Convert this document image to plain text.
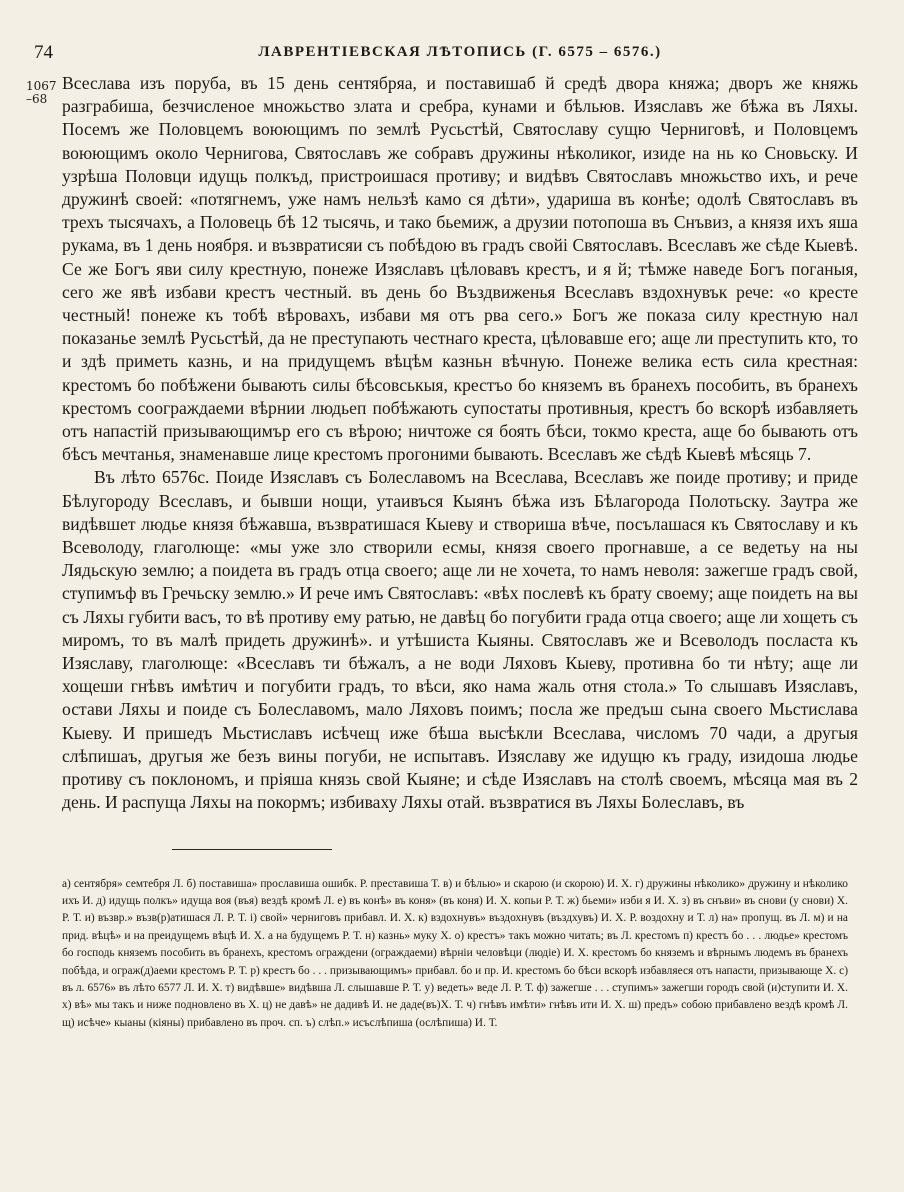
74	ЛАВРЕНТІЕВСКАЯ ЛѢТОПИСЬ (Г. 6575 – 6576.)
1067
–68

Всеслава изъ поруба, въ 15 день сентябряа, и поставишаб й средѣ двора княжа; дворъ же княжь разграбиша, безчисленое множьство злата и сребра, кунами и бѣльюв. Изяславъ же бѣжа въ Ляхы. Посемъ же Половцемъ воюющимъ по землѣ Русьстѣй, Святославу сущю Черниговѣ, и Половцемъ воюющимъ около Чернигова, Святославъ же собравъ дружины нѣколикоr, изиде на нь ко Сновьску. И узрѣша Половци идущь полкъд, пристроишася противу; и видѣвъ Святославъ множьство ихъ, и рече дружинѣ своей: «потягнемъ, уже намъ нельзѣ камо ся дѣти», удариша въ конѣе; одолѣ Святославъ въ трехъ тысячахъ, а Половець бѣ 12 тысячь, и тако бьемиж, а друзии потопоша въ Снъвиз, а князя ихъ яша рукама, въ 1 день ноября. и възвратисяи съ побѣдою въ градъ свойі Святославъ. Всеславъ же сѣде Кыевѣ. Се же Богъ яви силу крестную, понеже Изяславъ цѣловавъ крестъ, и я й; тѣмже наведе Богъ поганыя, сего же явѣ избави крестъ честный. въ день бо Въздвиженья Всеславъ вздохнувък рече: «о кресте честный! понеже къ тобѣ вѣровахъ, избави мя отъ рва сего.» Богъ же показа силу крестную нал показанье землѣ Русьстѣй, да не преступають честнаго креста, цѣловавше его; аще ли преступить кто, то и здѣ приметь казнь, и на придущемъ вѣцѣм казньн вѣчную. Понеже велика есть сила крестная: крестомъ бо побѣжени бывають силы бѣсовськыя, крестъо бо княземъ въ бранехъ пособить, въ бранехъ крестомъ соограждаеми вѣрнии людьеп побѣжають супостаты противныя, крестъ бо вскорѣ избавляеть отъ напастій призывающимъp его съ вѣрою; ничтоже ся боять бѣси, токмо креста, аще бо бывають отъ бѣсъ мечтанья, знаменавше лице крестомъ прогоними бывають. Всеславъ же сѣдѣ Кыевѣ мѣсяць 7.

Въ лѣто 6576с. Поиде Изяславъ съ Болеславомъ на Всеслава, Всеславъ же поиде противу; и приде Бѣлугороду Всеславъ, и бывши нощи, утаивъся Кыянъ бѣжа изъ Бѣлагорода Полотьску. Заутра же видѣвшет людье князя бѣжавша, възвратишася Кыеву и створиша вѣче, посълашася къ Святославу и къ Всеволоду, глаголюще: «мы уже зло створили есмы, князя своего прогнавше, а се ведетьу на ны Лядьскую землю; а поидета въ градъ отца своего; аще ли не хочета, то намъ неволя: зажегше градъ свой, ступимъф въ Гречьску землю.» И рече имъ Святославъ: «вѣх послевѣ къ брату своему; аще поидеть на вы съ Ляхы губити васъ, то вѣ противу ему ратью, не давѣц бо погубити града отца своего; аще ли хощеть съ миромъ, то въ малѣ придеть дружинѣ». и утѣшиста Кыяны. Святославъ же и Всеволодъ посласта къ Изяславу, глаголюще: «Всеславъ ти бѣжалъ, а не води Ляховъ Кыеву, противна бо ти нѣту; аще ли хощеши гнѣвъ имѣтич и погубити градъ, то вѣси, яко нама жаль отня стола.» То слышавъ Изяславъ, остави Ляхы и поиде съ Болеславомъ, мало Ляховъ поимъ; посла же предъш сына своего Мьстислава Кыеву. И пришедъ Мьстиславъ исѣчещ иже бѣша высѣкли Всеслава, числомъ 70 чади, а другыя слѣпишаъ, другыя же безъ вины погуби, не испытавъ. Изяславу же идущю къ граду, изидоша людье противу съ поклономъ, и пріяша князь свой Кыяне; и сѣде Изяславъ на столѣ своемъ, мѣсяца мая въ 2 день. И распуща Ляхы на покормъ; избиваху Ляхы отай. възвратися въ Ляхы Болеславъ, въ

а) сентября» семтебря Л. б) поставиша» прославиша ошибк. Р. преставиша Т. в) и бѣлью» и скарою (и скорою) И. Х. г) дружины нѣколико» дружину и нѣколико ихъ И. д) идущь полкъ» идуща воя (въя) вездѣ кромѣ Л. е) въ конѣ» въ коня» (въ коня) И. Х. копьи Р. Т. ж) бьеми» изби я И. Х. з) въ снъви» въ снови (у снови) Х. Р. Т. и) възвр.» възв(р)атишася Л. Р. Т. і) свой» черниговъ прибавл. И. Х. к) вздохнувъ» въздохнувъ (въздхувъ) И. Х. Р. воздохну и Т. л) на» пропущ. въ Л. м) и на прид. вѣцѣ» и на преидущемъ вѣцѣ И. Х. а на будущемъ Р. Т. н) казнь» муку Х. о) крестъ» такъ можно читать; въ Л. крестомъ п) крестъ бо . . . людье» крестомъ бо господь княземъ пособить въ бранехъ, крестомъ ограждени (ограждаеми) вѣрніи человѣци (людіе) И. Х. крестомъ бо княземъ и вѣрнымъ людемъ въ бранехъ побѣда, и ограж(д)аеми крестомъ Р. Т. р) крестъ бо . . . призывающимъ» прибавл. бо и пр. И. крестомъ бо бѣси вскорѣ избавляеся отъ напасти, призывающе Х. с) въ л. 6576» въ лѣто 6577 Л. И. Х. т) видѣвше» видѣвша Л. слышавше Р. Т. у) ведеть» веде Л. Р. Т. ф) зажегше . . . ступимъ» зажегши городъ свой (и)ступити И. Х. х) вѣ» мы такъ и ниже подновлено въ Х. ц) не давѣ» не дадивѣ И. не даде(въ)Х. Т. ч) гнѣвъ имѣти» гнѣвъ ити И. Х. ш) предъ» собою прибавлено вездѣ кромѣ Л. щ) исѣче» кыаны (кіяны) прибавлено въ проч. сп. ъ) слѣп.» исъслѣпиша (ослѣпиша) И. Т.
